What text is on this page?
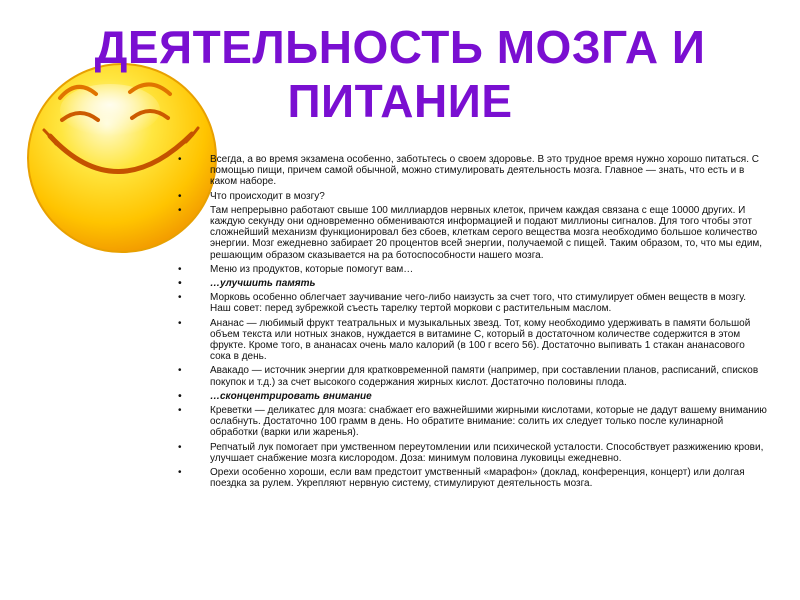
ДЕЯТЕЛЬНОСТЬ МОЗГА И ПИТАНИЕ
• Всегда, а во время экзамена особенно, заботьтесь о своем здоровье. В это трудное время нужно хорошо питаться. С помощью пищи, причем самой обычной, можно стимулировать деятельность мозга. Главное — знать, что есть и в каком наборе.
• Что происходит в мозгу?
• Там непрерывно работают свыше 100 миллиардов нервных клеток, причем каждая связана с еще 10000 других. И каждую секунду они одновременно обмениваются информацией и подают миллионы сигналов. Для того чтобы этот сложнейший механизм функционировал без сбоев, клеткам серого вещества мозга необходимо большое количество энергии. Мозг ежедневно забирает 20 процентов всей энергии, получаемой с пищей. Таким образом, то, что мы едим, решающим образом сказывается на ра ботоспособности нашего мозга.
• Меню из продуктов, которые помогут вам…
• …улучшить память
• Морковь особенно облегчает заучивание чего-либо наизусть за счет того, что стимулирует обмен веществ в мозгу. Наш совет: перед зубрежкой съесть тарелку тертой моркови с растительным маслом.
• Ананас — любимый фрукт театральных и музыкальных звезд. Тот, кому необходимо удерживать в памяти большой объем текста или нотных знаков, нуждается в витамине С, который в достаточном количестве содержится в этом фрукте. Кроме того, в ананасах очень мало калорий (в 100 г всего 56). Достаточно выпивать 1 стакан ананасового сока в день.
• Авакадо — источник энергии для кратковременной памяти (например, при составлении планов, расписаний, списков покупок и т.д.) за счет высокого содержания жирных кислот. Достаточно половины плода.
• …сконцентрировать внимание
• Креветки — деликатес для мозга: снабжает его важнейшими жирными кислотами, которые не дадут вашему вниманию ослабнуть. Достаточно 100 грамм в день. Но обратите внимание: солить их следует только после кулинарной обработки (варки или жаренья).
• Репчатый лук помогает при умственном переутомлении или психической усталости. Способствует разжижению крови, улучшает снабжение мозга кислородом. Доза: минимум половина луковицы ежедневно.
• Орехи особенно хороши, если вам предстоит умственный «марафон» (доклад, конференция, концерт) или долгая поездка за рулем. Укрепляют нервную систему, стимулируют деятельность мозга.
